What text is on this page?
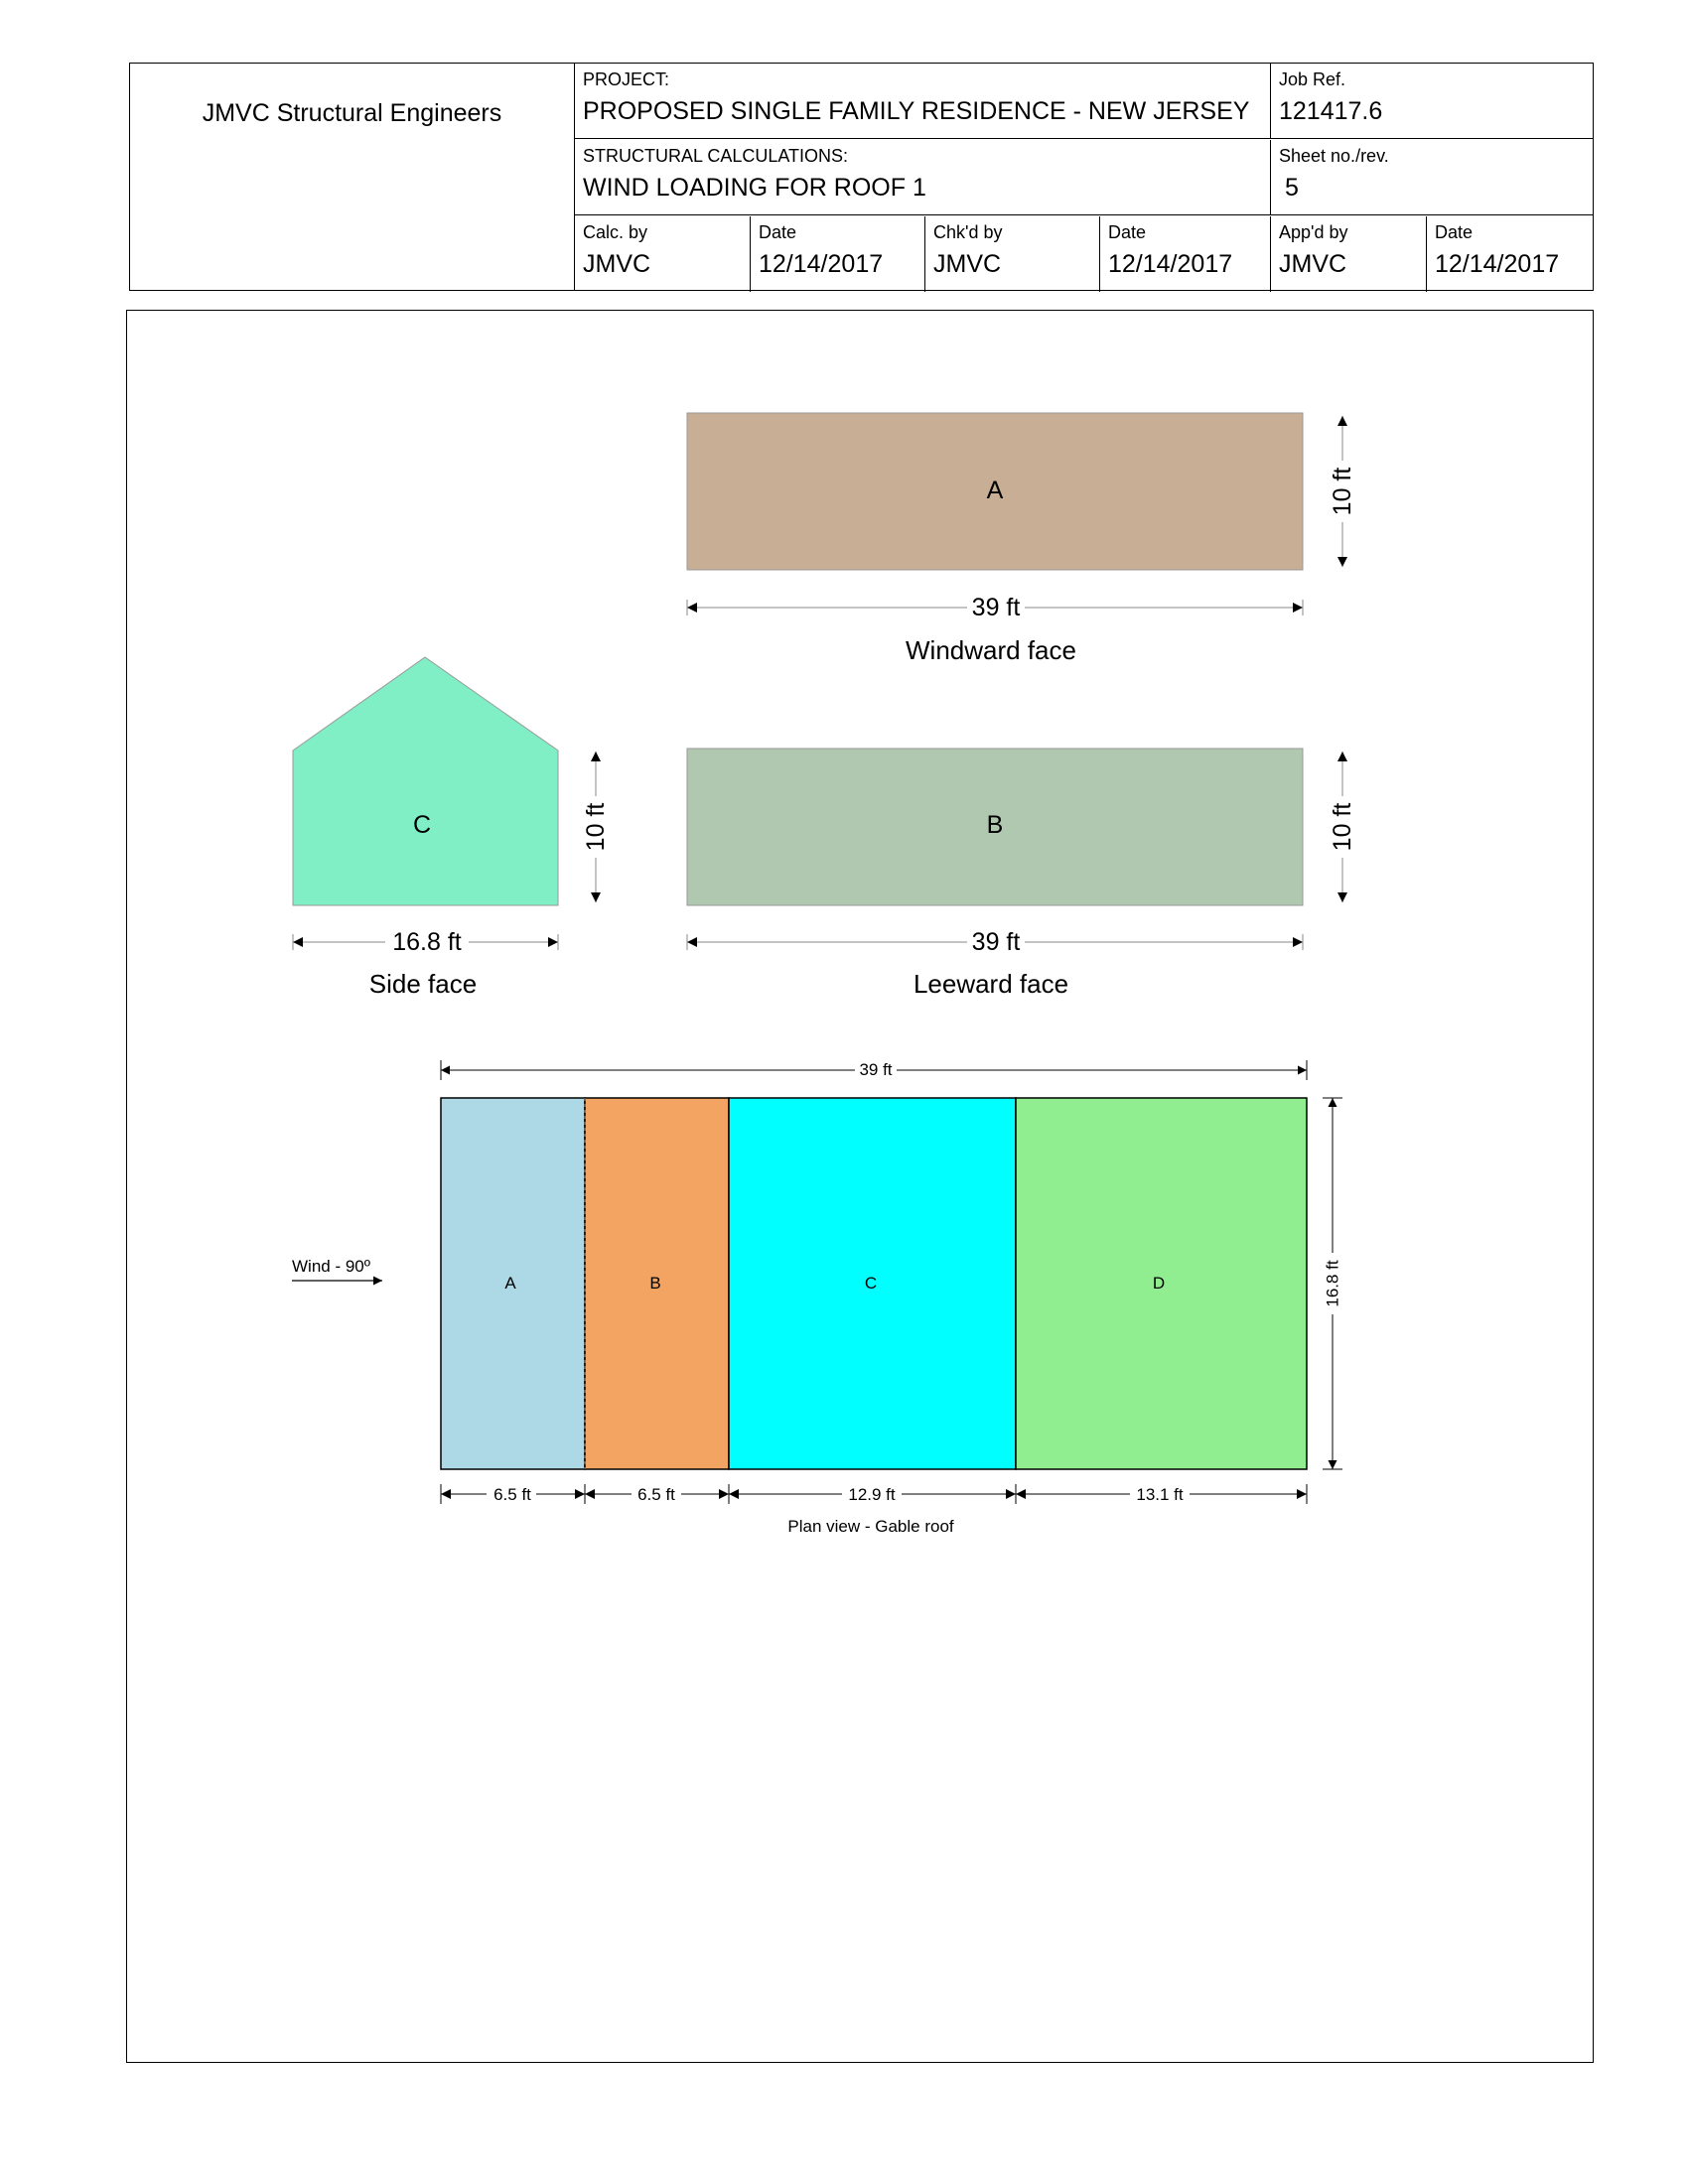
JMVC Structural Engineers
PROJECT:
PROPOSED SINGLE FAMILY RESIDENCE - NEW JERSEY
Job Ref.
121417.6
STRUCTURAL CALCULATIONS:
WIND LOADING FOR ROOF 1
Sheet no./rev.
5
Calc. by
JMVC
Date
12/14/2017
Chk'd by
JMVC
Date
12/14/2017
App'd by
JMVC
Date
12/14/2017
A
39 ft
Windward face
10 ft
C
16.8 ft
Side face
10 ft	B
39 ft
Leeward face
10 ft
39 ft
A	B	C	D	16.8 ft
6.5 ft	6.5 ft	12.9 ft	13.1 ft
Plan view - Gable roof
Wind - 90º
